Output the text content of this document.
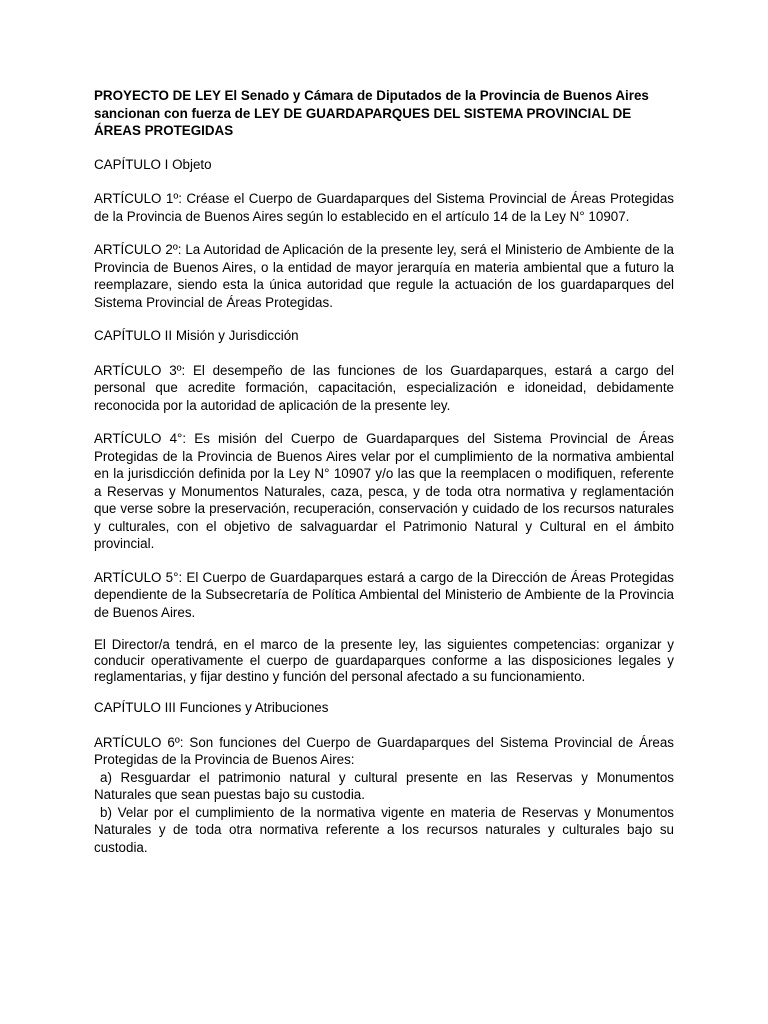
PROYECTO DE LEY El Senado y Cámara de Diputados de la Provincia de Buenos Aires sancionan con fuerza de LEY DE GUARDAPARQUES DEL SISTEMA PROVINCIAL DE ÁREAS PROTEGIDAS

CAPÍTULO I Objeto

ARTÍCULO 1º: Créase el Cuerpo de Guardaparques del Sistema Provincial de Áreas Protegidas de la Provincia de Buenos Aires según lo establecido en el artículo 14 de la Ley N° 10907.

ARTÍCULO 2º: La Autoridad de Aplicación de la presente ley, será el Ministerio de Ambiente de la Provincia de Buenos Aires, o la entidad de mayor jerarquía en materia ambiental que a futuro la reemplazare, siendo esta la única autoridad que regule la actuación de los guardaparques del Sistema Provincial de Áreas Protegidas.

CAPÍTULO II Misión y Jurisdicción

ARTÍCULO 3º: El desempeño de las funciones de los Guardaparques, estará a cargo del personal que acredite formación, capacitación, especialización e idoneidad, debidamente reconocida por la autoridad de aplicación de la presente ley.

ARTÍCULO 4°: Es misión del Cuerpo de Guardaparques del Sistema Provincial de Áreas Protegidas de la Provincia de Buenos Aires velar por el cumplimiento de la normativa ambiental en la jurisdicción definida por la Ley N° 10907 y/o las que la reemplacen o modifiquen, referente a Reservas y Monumentos Naturales, caza, pesca, y de toda otra normativa y reglamentación que verse sobre la preservación, recuperación, conservación y cuidado de los recursos naturales y culturales, con el objetivo de salvaguardar el Patrimonio Natural y Cultural en el ámbito provincial.

ARTÍCULO 5°: El Cuerpo de Guardaparques estará a cargo de la Dirección de Áreas Protegidas dependiente de la Subsecretaría de Política Ambiental del Ministerio de Ambiente de la Provincia de Buenos Aires.

El Director/a tendrá, en el marco de la presente ley, las siguientes competencias: organizar y conducir operativamente el cuerpo de guardaparques conforme a las disposiciones legales y reglamentarias, y fijar destino y función del personal afectado a su funcionamiento.

CAPÍTULO III Funciones y Atribuciones

ARTÍCULO 6º: Son funciones del Cuerpo de Guardaparques del Sistema Provincial de Áreas Protegidas de la Provincia de Buenos Aires:

a) Resguardar el patrimonio natural y cultural presente en las Reservas y Monumentos Naturales que sean puestas bajo su custodia.

b) Velar por el cumplimiento de la normativa vigente en materia de Reservas y Monumentos Naturales y de toda otra normativa referente a los recursos naturales y culturales bajo su custodia.
